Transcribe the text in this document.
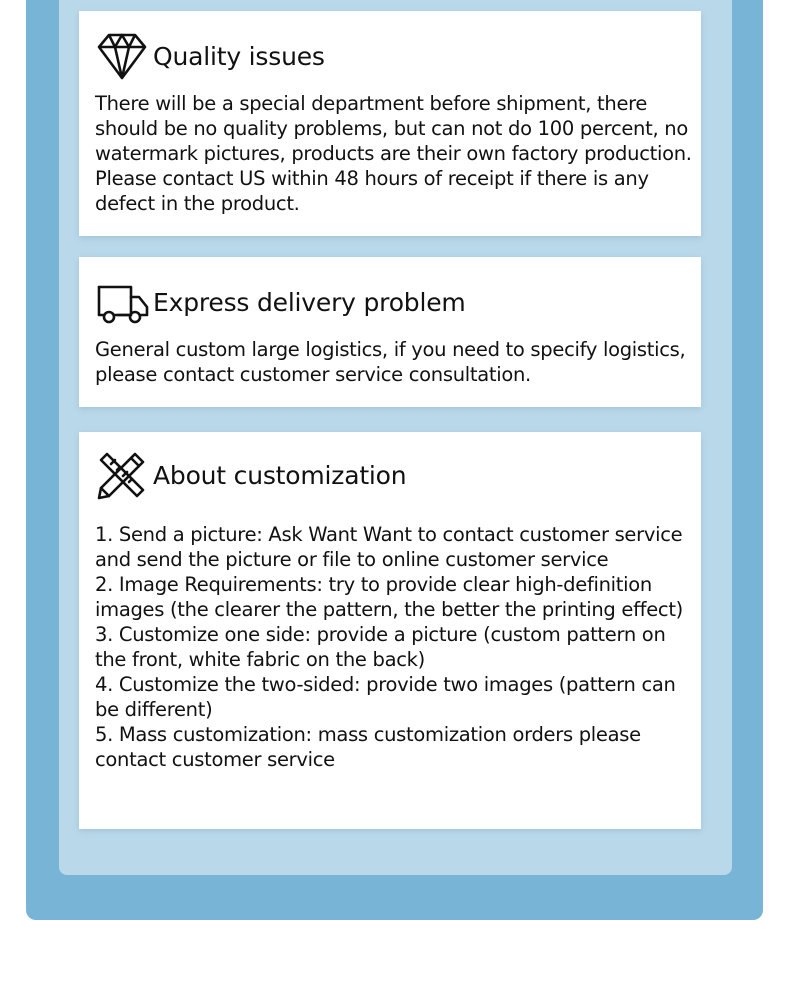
Quality issues
There will be a special department before shipment, there should be no quality problems, but can not do 100 percent, no watermark pictures, products are their own factory production. Please contact US within 48 hours of receipt if there is any defect in the product.
Express delivery problem
General custom large logistics, if you need to specify logistics, please contact customer service consultation.
About customization
1. Send a picture: Ask Want Want to contact customer service and send the picture or file to online customer service
2. Image Requirements: try to provide clear high-definition images (the clearer the pattern, the better the printing effect)
3. Customize one side: provide a picture (custom pattern on the front, white fabric on the back)
4. Customize the two-sided: provide two images (pattern can be different)
5. Mass customization: mass customization orders please contact customer service
